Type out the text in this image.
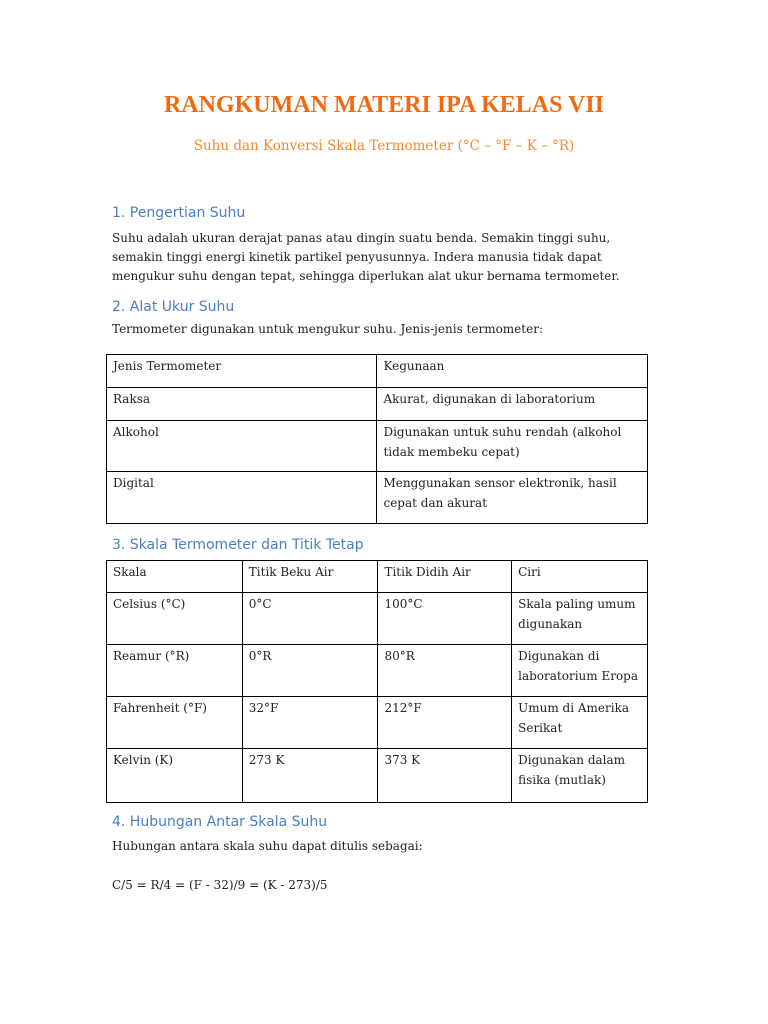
RANGKUMAN MATERI IPA KELAS VII

Suhu dan Konversi Skala Termometer (°C – °F – K – °R)

1. Pengertian Suhu

Suhu adalah ukuran derajat panas atau dingin suatu benda. Semakin tinggi suhu, semakin tinggi energi kinetik partikel penyusunnya. Indera manusia tidak dapat mengukur suhu dengan tepat, sehingga diperlukan alat ukur bernama termometer.

2. Alat Ukur Suhu

Termometer digunakan untuk mengukur suhu. Jenis-jenis termometer:

Jenis Termometer	Kegunaan

Raksa	Akurat, digunakan di laboratorium

Alkohol	Digunakan untuk suhu rendah (alkohol tidak membeku cepat)

Digital	Menggunakan sensor elektronik, hasil cepat dan akurat
3. Skala Termometer dan Titik Tetap
Skala	Titik Beku Air	Titik Didih Air	Ciri

Celsius (°C)	0°C	100°C	Skala paling umum digunakan

Reamur (°R)	0°R	80°R	Digunakan di laboratorium Eropa

Fahrenheit (°F)	32°F	212°F	Umum di Amerika Serikat

Kelvin (K)	273 K	373 K	Digunakan dalam fisika (mutlak)
4. Hubungan Antar Skala Suhu

Hubungan antara skala suhu dapat ditulis sebagai:

C/5 = R/4 = (F - 32)/9 = (K - 273)/5
